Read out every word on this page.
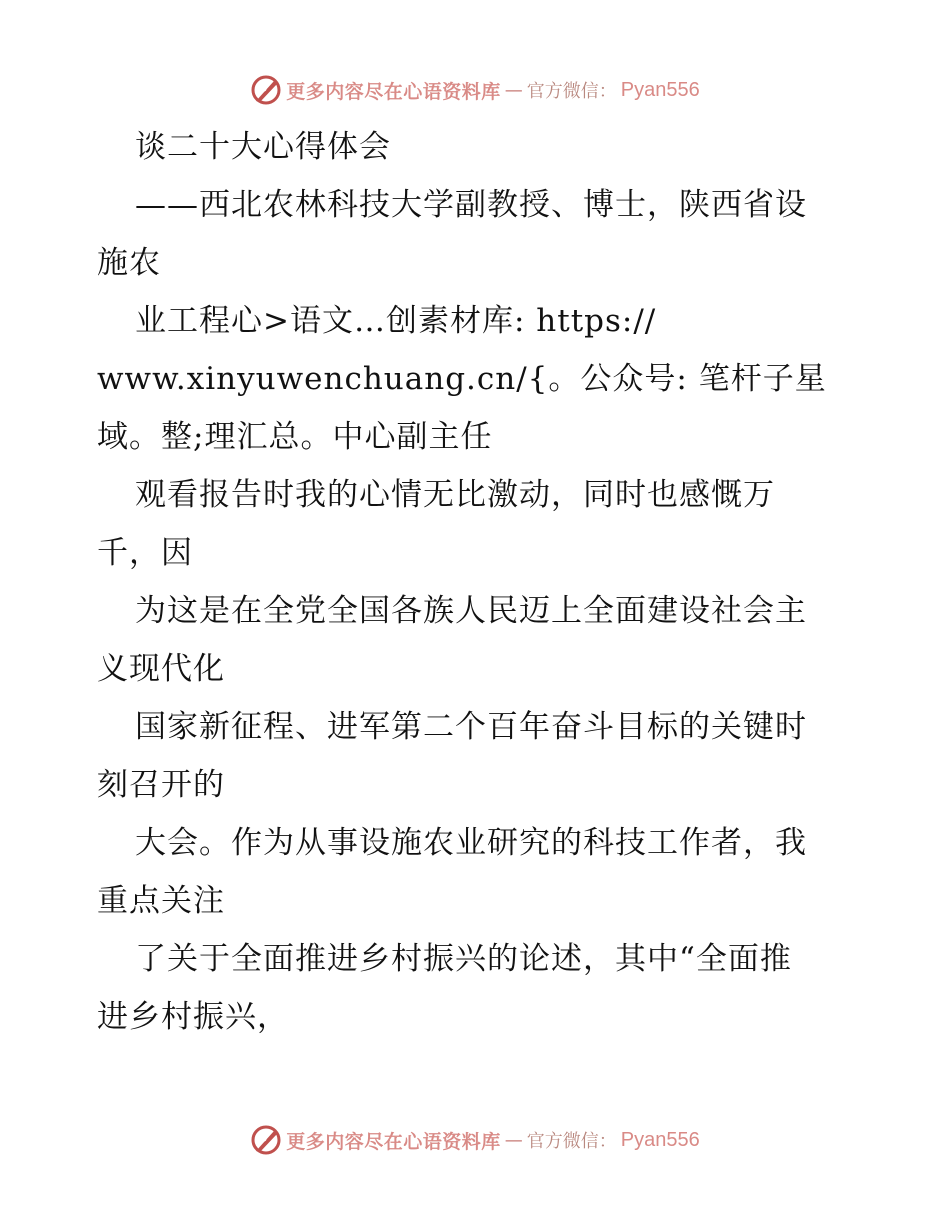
更多内容尽在心语资料库 — 官方微信： Pyan556
谈二十大心得体会
——西北农林科技大学副教授、博士，陕西省设
施农
业工程心>语文…创素材库: https://
www.xinyuwenchuang.cn/{。公众号: 笔杆子星
域。整;理汇总。中心副主任
观看报告时我的心情无比激动，同时也感慨万
千，因
为这是在全党全国各族人民迈上全面建设社会主
义现代化
国家新征程、进军第二个百年奋斗目标的关键时
刻召开的
大会。作为从事设施农业研究的科技工作者，我
重点关注
了关于全面推进乡村振兴的论述，其中“全面推
进乡村振兴，
更多内容尽在心语资料库 — 官方微信： Pyan556
